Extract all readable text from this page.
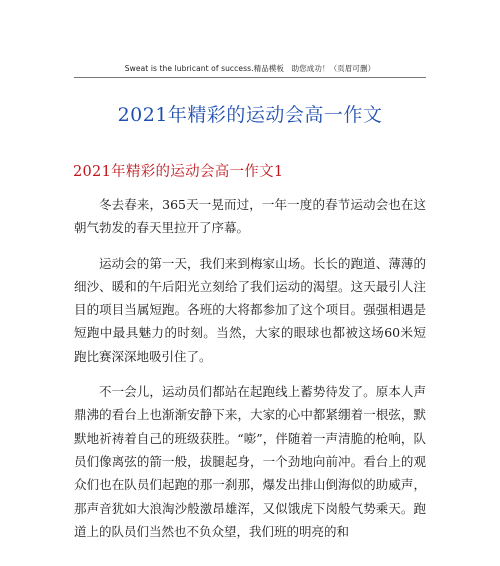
Sweat is the lubricant of success.精品模板　助您成功！（页眉可删）
2021年精彩的运动会高一作文
2021年精彩的运动会高一作文1

冬去春来，365天一晃而过，一年一度的春节运动会也在这朝气勃发的春天里拉开了序幕。

运动会的第一天，我们来到梅家山场。长长的跑道、薄薄的细沙、暖和的午后阳光立刻给了我们运动的渴望。这天最引人注目的项目当属短跑。各班的大将都参加了这个项目。强强相遇是短跑中最具魅力的时刻。当然，大家的眼球也都被这场60米短跑比赛深深地吸引住了。

不一会儿，运动员们都站在起跑线上蓄势待发了。原本人声鼎沸的看台上也渐渐安静下来，大家的心中都紧绷着一根弦，默默地祈祷着自己的班级获胜。“嘭”，伴随着一声清脆的枪响，队员们像离弦的箭一般，拔腿起身，一个劲地向前冲。看台上的观众们也在队员们起跑的那一刹那，爆发出排山倒海似的助威声，那声音犹如大浪淘沙般激昂雄浑，又似饿虎下岗般气势乘天。跑道上的队员们当然也不负众望，我们班的明亮的和
